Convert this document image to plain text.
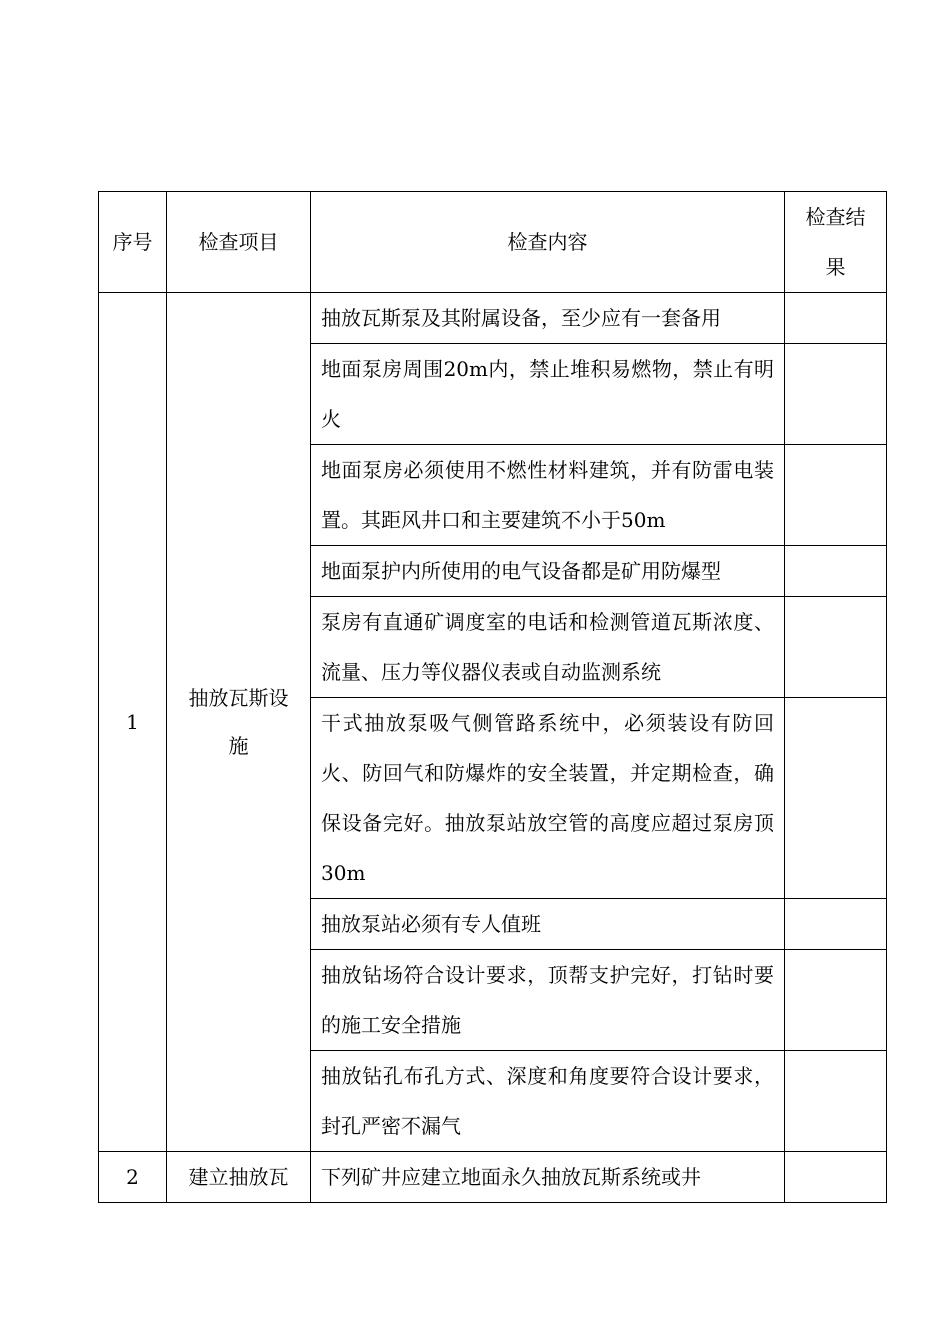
序号	检查项目	检查内容	检查结果
1	抽放瓦斯设施	抽放瓦斯泵及其附属设备，至少应有一套备用	
		地面泵房周围20m内，禁止堆积易燃物，禁止有明火	
		地面泵房必须使用不燃性材料建筑，并有防雷电装置。其距风井口和主要建筑不小于50m	
		地面泵护内所使用的电气设备都是矿用防爆型	
		泵房有直通矿调度室的电话和检测管道瓦斯浓度、流量、压力等仪器仪表或自动监测系统	
		干式抽放泵吸气侧管路系统中，必须装设有防回火、防回气和防爆炸的安全装置，并定期检查，确保设备完好。抽放泵站放空管的高度应超过泵房顶30m	
		抽放泵站必须有专人值班	
		抽放钻场符合设计要求，顶帮支护完好，打钻时要的施工安全措施	
		抽放钻孔布孔方式、深度和角度要符合设计要求，封孔严密不漏气	
2	建立抽放瓦	下列矿井应建立地面永久抽放瓦斯系统或井	
